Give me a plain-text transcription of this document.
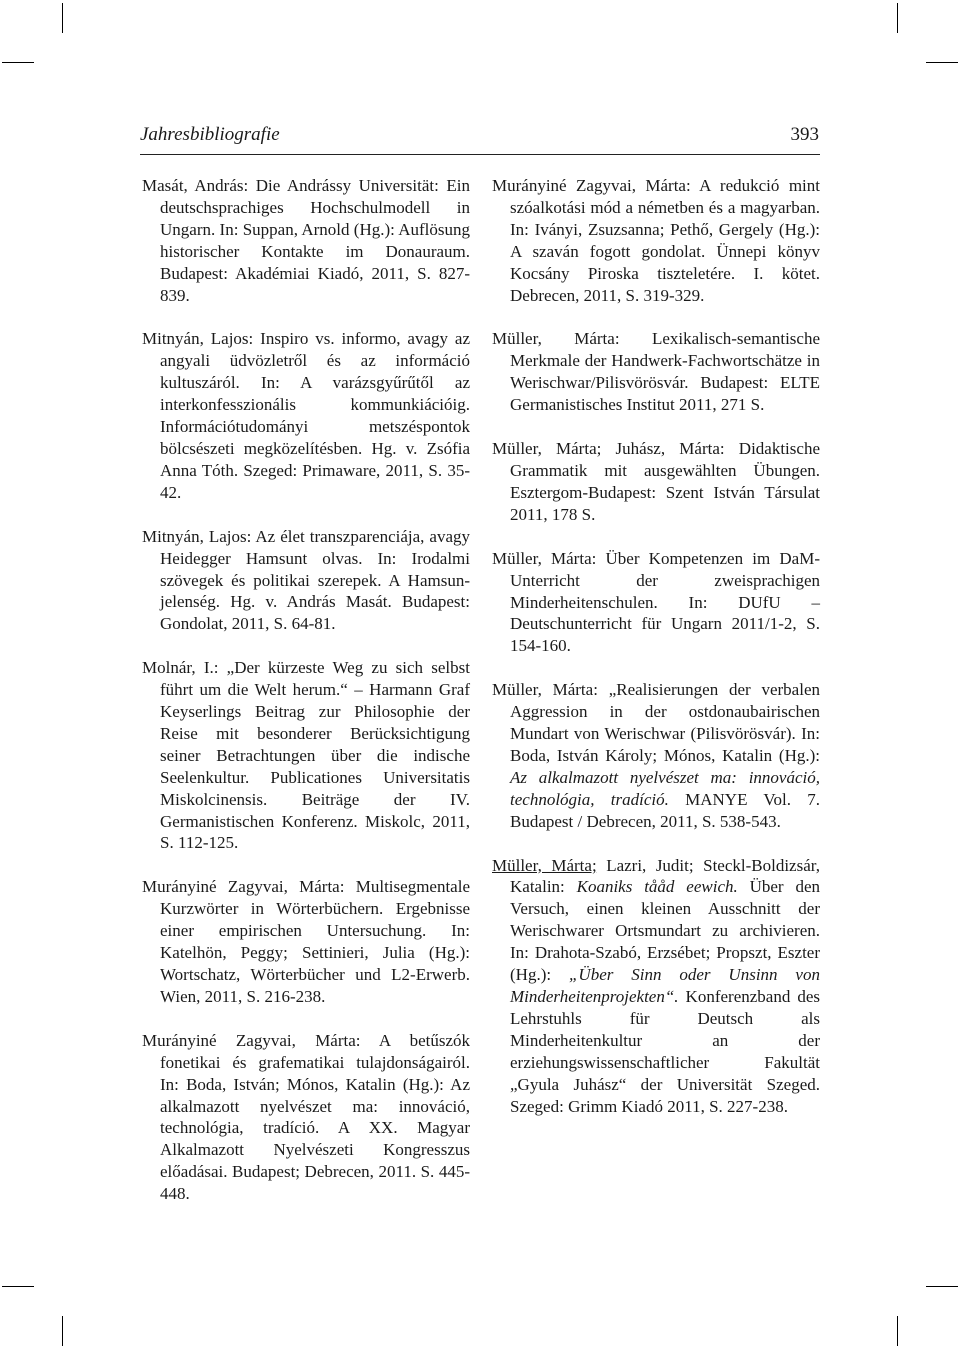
Jahresbibliografie	393

Masát, András: Die Andrássy Universität: Ein deutschsprachiges Hochschulmodell in Ungarn. In: Suppan, Arnold (Hg.): Auflösung historischer Kontakte im Donauraum. Budapest: Akadémiai Kiadó, 2011, S. 827-839.

Mitnyán, Lajos: Inspiro vs. informo, avagy az angyali üdvözletről és az információ kultuszáról. In: A varázsgyűrűtől az interkonfesszionális kommunkiációig. Információtudományi metszéspontok bölcsészeti megközelítésben. Hg. v. Zsófia Anna Tóth. Szeged: Primaware, 2011, S. 35-42.

Mitnyán, Lajos: Az élet transzparenciája, avagy Heidegger Hamsunt olvas. In: Irodalmi szövegek és politikai szerepek. A Hamsun-jelenség. Hg. v. András Masát. Budapest: Gondolat, 2011, S. 64-81.

Molnár, I.: „Der kürzeste Weg zu sich selbst führt um die Welt herum.“ – Harmann Graf Keyserlings Beitrag zur Philosophie der Reise mit besonderer Berücksichtigung seiner Betrachtungen über die indische Seelenkultur. Publicationes Universitatis Miskolcinensis. Beiträge der IV. Germanistischen Konferenz. Miskolc, 2011, S. 112-125.

Murányiné Zagyvai, Márta: Multisegmentale Kurzwörter in Wörterbüchern. Ergebnisse einer empirischen Untersuchung. In: Katelhön, Peggy; Settinieri, Julia (Hg.): Wortschatz, Wörterbücher und L2-Erwerb. Wien, 2011, S. 216-238.

Murányiné Zagyvai, Márta: A betűszók fonetikai és grafematikai tulajdonságairól. In: Boda, István; Mónos, Katalin (Hg.): Az alkalmazott nyelvészet ma: innováció, technológia, tradíció. A XX. Magyar Alkalmazott Nyelvészeti Kongresszus előadásai. Budapest; Debrecen, 2011. S. 445-448.

Murányiné Zagyvai, Márta: A redukció mint szóalkotási mód a németben és a magyarban. In: Iványi, Zsuzsanna; Pethő, Gergely (Hg.): A szaván fogott gondolat. Ünnepi könyv Kocsány Piroska tiszteletére. I. kötet. Debrecen, 2011, S. 319-329.

Müller, Márta: Lexikalisch-semantische Merkmale der Handwerk-Fachwortschätze in Werischwar/Pilisvörösvár. Budapest: ELTE Germanistisches Institut 2011, 271 S.

Müller, Márta; Juhász, Márta: Didaktische Grammatik mit ausgewählten Übungen. Esztergom-Budapest: Szent István Társulat 2011, 178 S.

Müller, Márta: Über Kompetenzen im DaM-Unterricht der zweisprachigen Minderheitenschulen. In: DUfU – Deutschunterricht für Ungarn 2011/1-2, S. 154-160.

Müller, Márta: „Realisierungen der verbalen Aggression in der ostdonaubairischen Mundart von Werischwar (Pilisvörösvár). In: Boda, István Károly; Mónos, Katalin (Hg.): Az alkalmazott nyelvészet ma: innováció, technológia, tradíció. MANYE Vol. 7. Budapest / Debrecen, 2011, S. 538-543.

Müller, Márta; Lazri, Judit; Steckl-Boldizsár, Katalin: Koaniks tååd eewich. Über den Versuch, einen kleinen Ausschnitt der Werischwarer Ortsmundart zu archivieren. In: Drahota-Szabó, Erzsébet; Propszt, Eszter (Hg.): „Über Sinn oder Unsinn von Minderheitenprojekten“. Konferenzband des Lehrstuhls für Deutsch als Minderheitenkultur an der erziehungswissenschaftlicher Fakultät „Gyula Juhász“ der Universität Szeged. Szeged: Grimm Kiadó 2011, S. 227-238.
